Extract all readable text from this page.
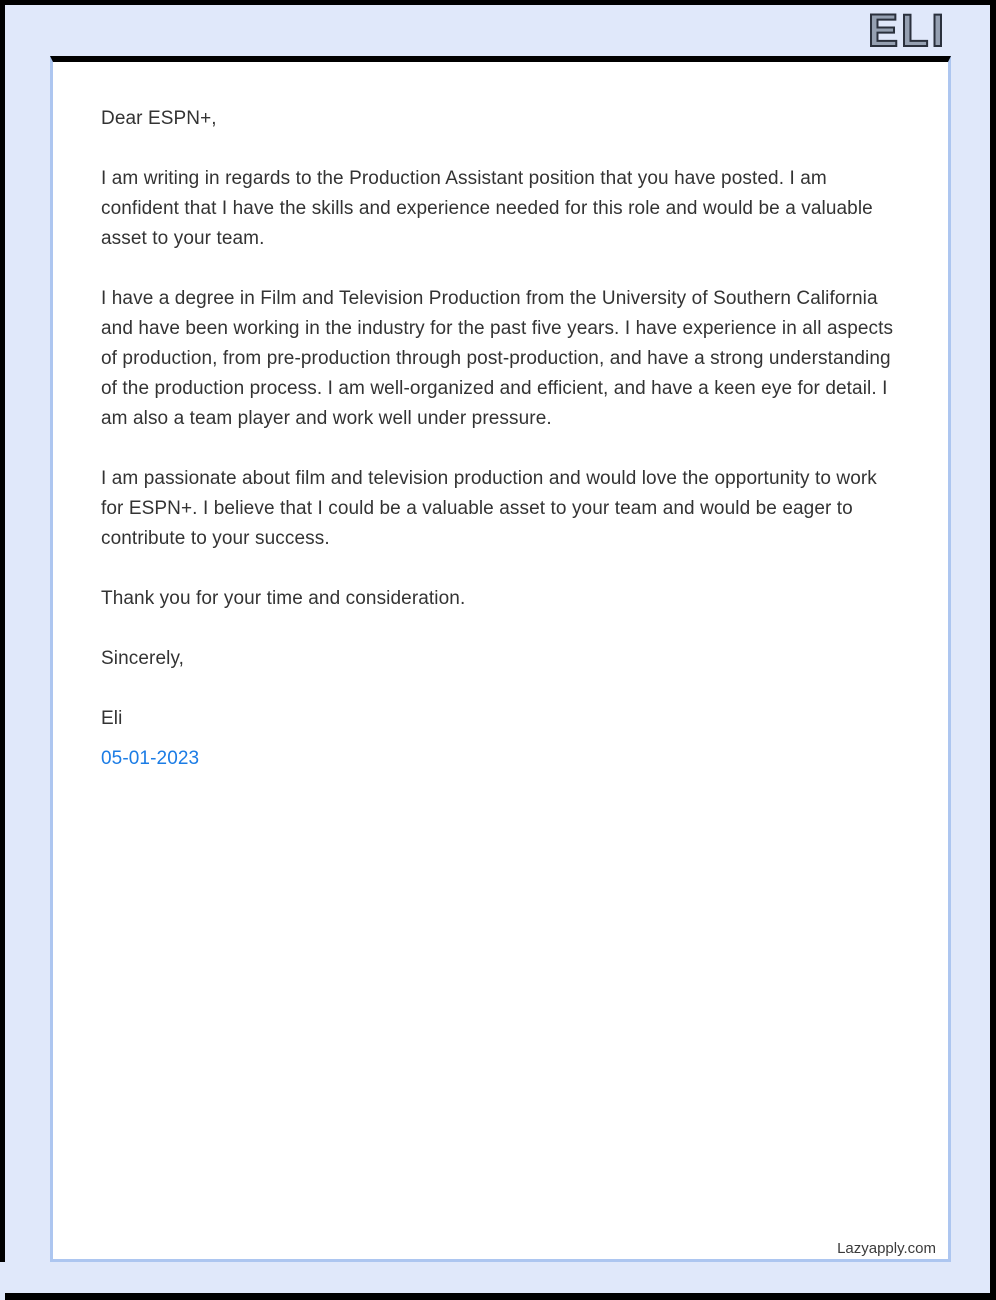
ELI

Dear ESPN+,

I am writing in regards to the Production Assistant position that you have posted. I am confident that I have the skills and experience needed for this role and would be a valuable asset to your team.

I have a degree in Film and Television Production from the University of Southern California and have been working in the industry for the past five years. I have experience in all aspects of production, from pre-production through post-production, and have a strong understanding of the production process. I am well-organized and efficient, and have a keen eye for detail. I am also a team player and work well under pressure.

I am passionate about film and television production and would love the opportunity to work for ESPN+. I believe that I could be a valuable asset to your team and would be eager to contribute to your success.

Thank you for your time and consideration.

Sincerely,

Eli

05-01-2023

Lazyapply.com
